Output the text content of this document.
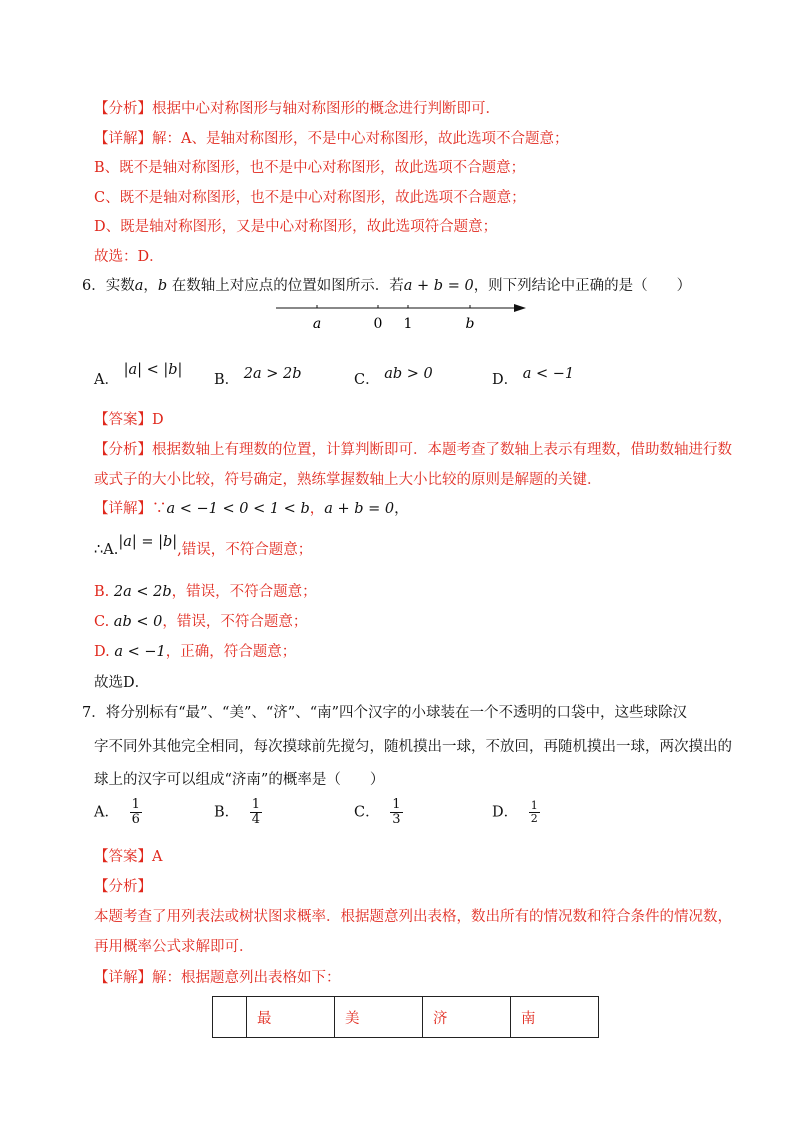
【分析】根据中心对称图形与轴对称图形的概念进行判断即可．
【详解】解：A、是轴对称图形，不是中心对称图形，故此选项不合题意；
B、既不是轴对称图形，也不是中心对称图形，故此选项不合题意；
C、既不是轴对称图形，也不是中心对称图形，故此选项不合题意；
D、既是轴对称图形，又是中心对称图形，故此选项符合题意；
故选：D．
6．实数a，b 在数轴上对应点的位置如图所示．若a + b = 0，则下列结论中正确的是（　　）
a	0 1	b
A． |a| < |b|
B． 2a > 2b	C． ab > 0	D． a < −1
【答案】D
【分析】根据数轴上有理数的位置，计算判断即可．本题考查了数轴上表示有理数，借助数轴进行数
或式子的大小比较，符号确定，熟练掌握数轴上大小比较的原则是解题的关键．
【详解】∵a < −1 < 0 < 1 < b，a + b = 0，
∴A.|a| = |b|,错误，不符合题意；
B. 2a < 2b，错误，不符合题意；
C. ab < 0，错误，不符合题意；
D. a < −1，正确，符合题意；
故选D．
7．将分别标有“最”、“美”、“济”、“南”四个汉字的小球装在一个不透明的口袋中，这些球除汉
字不同外其他完全相同，每次摸球前先搅匀，随机摸出一球，不放回，再随机摸出一球，两次摸出的
球上的汉字可以组成“济南”的概率是（　　）
A． $\frac{1}{6}$	B． $\frac{1}{4}$	C． $\frac{1}{3}$	D． $\frac{1}{2}$
【答案】A
【分析】
本题考查了用列表法或树状图求概率．根据题意列出表格，数出所有的情况数和符合条件的情况数，
再用概率公式求解即可．
【详解】解：根据题意列出表格如下：
	最	美	济	南
